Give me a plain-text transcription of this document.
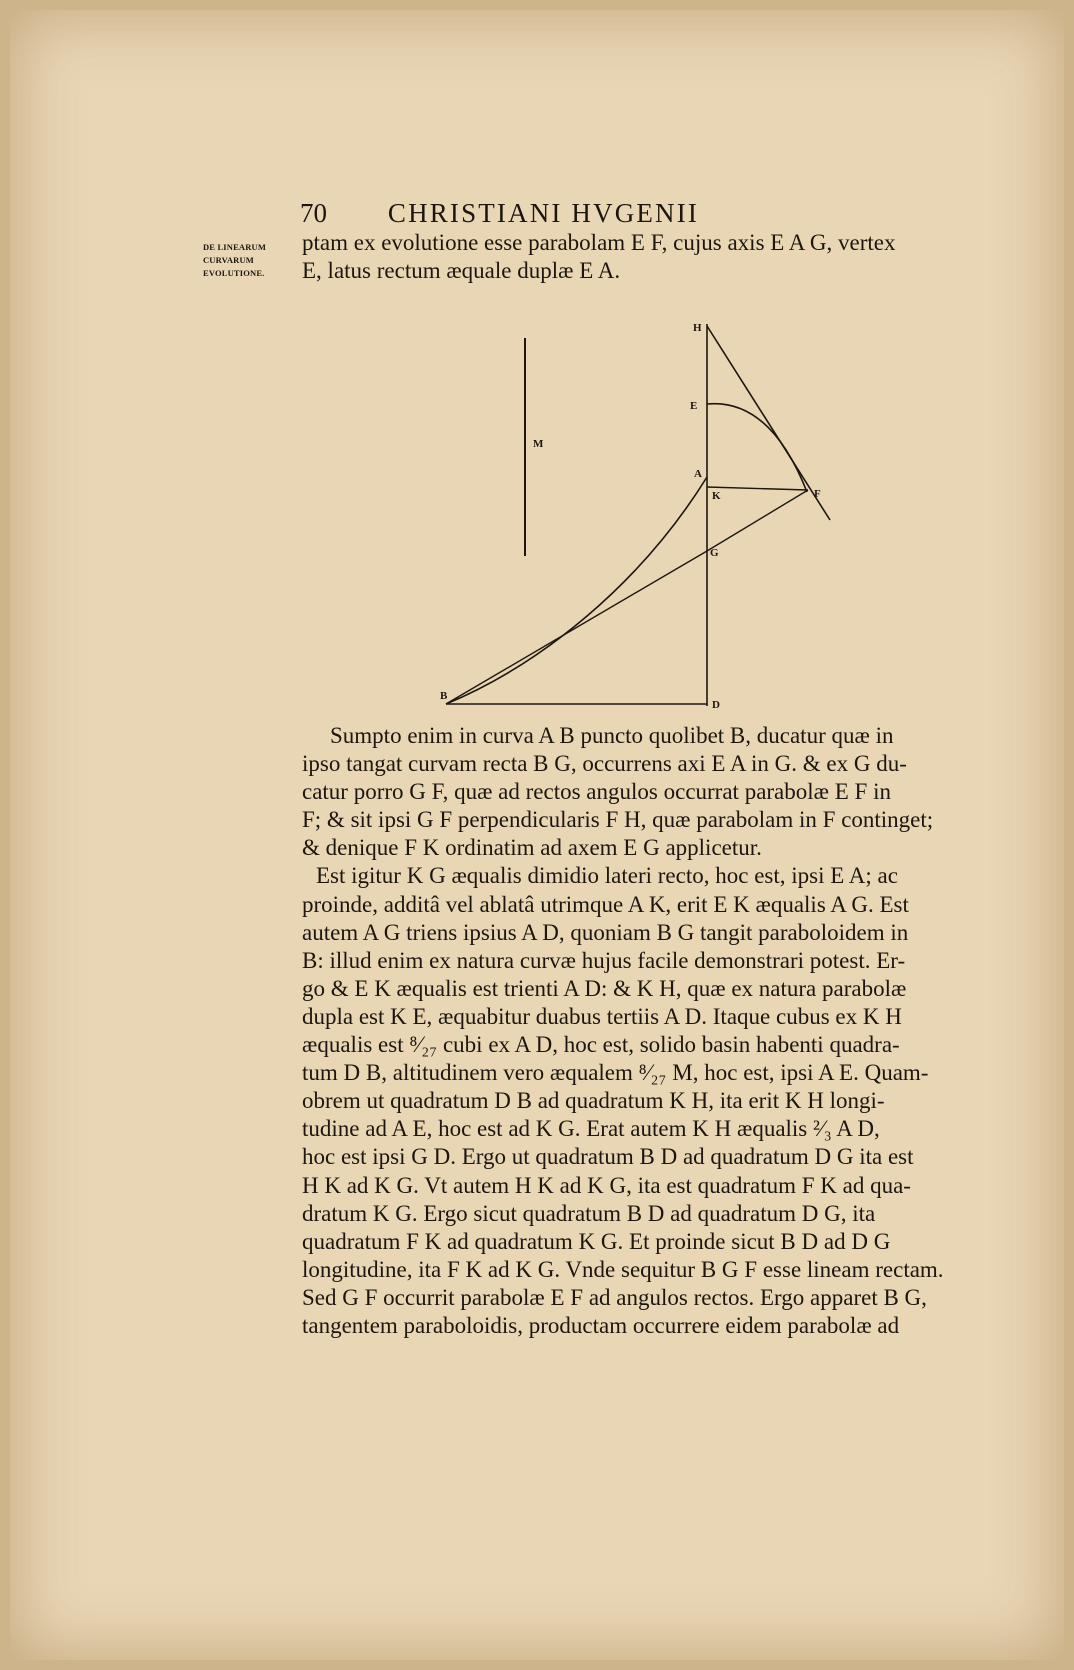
70 CHRISTIANI HVGENII
DE LINEARUM
CURVARUM
EVOLUTIONE.
ptam ex evolutione esse parabolam E F, cujus axis E A G, vertex
E, latus rectum æquale duplæ E A.
H
E
M
A
K	F
G
B
D
Sumpto enim in curva A B puncto quolibet B, ducatur quæ in
ipso tangat curvam recta B G, occurrens axi E A in G. & ex G du-
catur porro G F, quæ ad rectos angulos occurrat parabolæ E F in
F; & sit ipsi G F perpendicularis F H, quæ parabolam in F continget;
& denique F K ordinatim ad axem E G applicetur.
Est igitur K G æqualis dimidio lateri recto, hoc est, ipsi E A; ac
proinde, additâ vel ablatâ utrimque A K, erit E K æqualis A G. Est
autem A G triens ipsius A D, quoniam B G tangit paraboloidem in
B: illud enim ex natura curvæ hujus facile demonstrari potest. Er-
go & E K æqualis est trienti A D: & K H, quæ ex natura parabolæ
dupla est K E, æquabitur duabus tertiis A D. Itaque cubus ex K H
æqualis est ⁸⁄₂₇ cubi ex A D, hoc est, solido basin habenti quadra-
tum D B, altitudinem vero æqualem ⁸⁄₂₇ M, hoc est, ipsi A E. Quam-
obrem ut quadratum D B ad quadratum K H, ita erit K H longi-
tudine ad A E, hoc est ad K G. Erat autem K H æqualis ²⁄₃ A D,
hoc est ipsi G D. Ergo ut quadratum B D ad quadratum D G ita est
H K ad K G. Vt autem H K ad K G, ita est quadratum F K ad qua-
dratum K G. Ergo sicut quadratum B D ad quadratum D G, ita
quadratum F K ad quadratum K G. Et proinde sicut B D ad D G
longitudine, ita F K ad K G. Vnde sequitur B G F esse lineam rectam.
Sed G F occurrit parabolæ E F ad angulos rectos. Ergo apparet B G,
tangentem paraboloidis, productam occurrere eidem parabolæ ad
